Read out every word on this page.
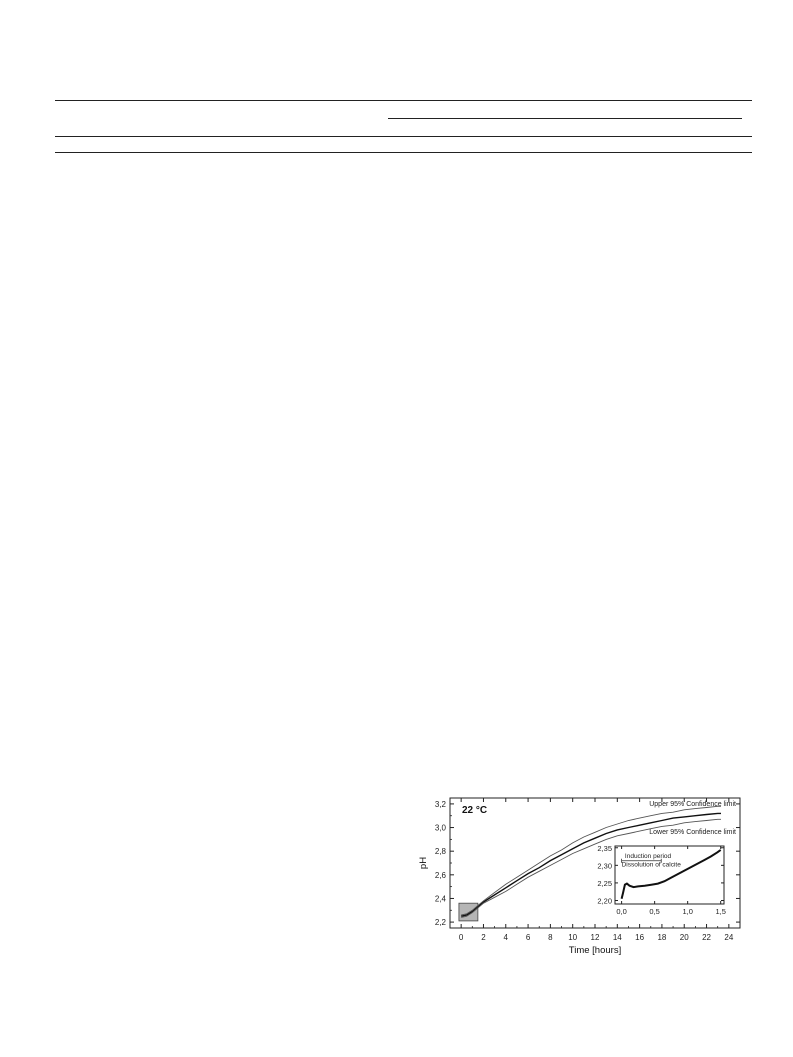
0 2 4 6 8 10 12 14 16 18 20 22 24
2,2
2,4
2,6
2,8
3,0
3,2
Time [hours]
pH
22 °C
Upper 95% Confidence limit
Lower 95% Confidence limit
0,0	0,5	1,0	1,5
2,20
2,25
2,30
2,35
Induction period
Dissolution of calcite
